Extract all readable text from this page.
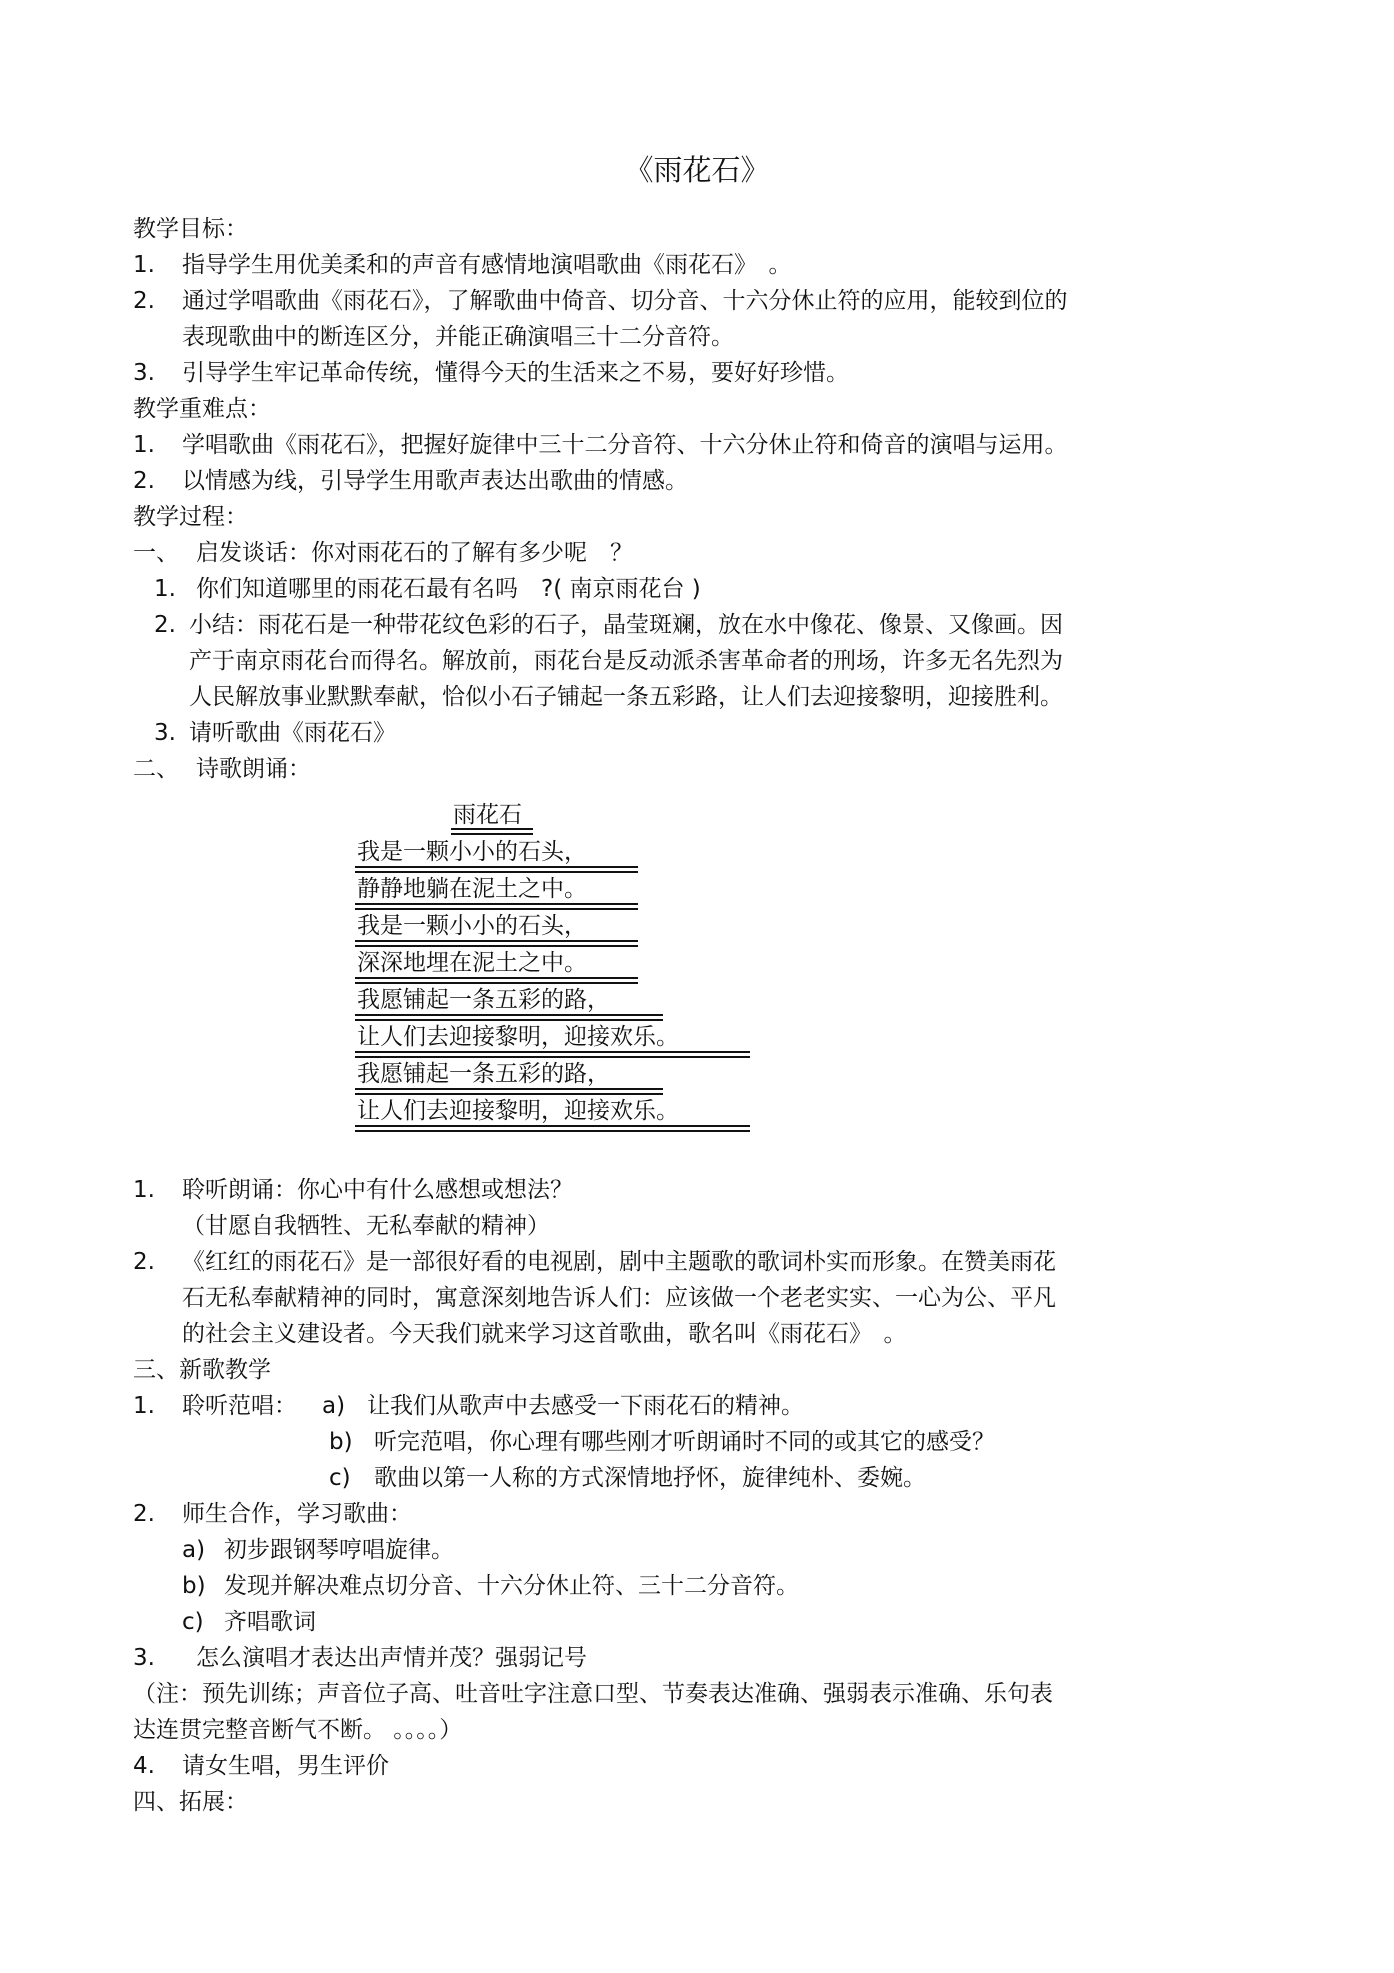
《雨花石》
教学目标：
1. 指导学生用优美柔和的声音有感情地演唱歌曲《雨花石》　。
2. 通过学唱歌曲《雨花石》，了解歌曲中倚音、切分音、十六分休止符的应用，能较到位的
表现歌曲中的断连区分，并能正确演唱三十二分音符。
3. 引导学生牢记革命传统，懂得今天的生活来之不易，要好好珍惜。
教学重难点：
1. 学唱歌曲《雨花石》，把握好旋律中三十二分音符、十六分休止符和倚音的演唱与运用。
2. 以情感为线，引导学生用歌声表达出歌曲的情感。
教学过程：
一、 启发谈话：你对雨花石的了解有多少呢　？
1. 你们知道哪里的雨花石最有名吗　?( 南京雨花台 )
2. 小结：雨花石是一种带花纹色彩的石子，晶莹斑斓，放在水中像花、像景、又像画。因
产于南京雨花台而得名。解放前，雨花台是反动派杀害革命者的刑场，许多无名先烈为
人民解放事业默默奉献，恰似小石子铺起一条五彩路，让人们去迎接黎明，迎接胜利。
3. 请听歌曲《雨花石》
二、 诗歌朗诵：
雨花石
我是一颗小小的石头，
静静地躺在泥土之中。
我是一颗小小的石头，
深深地埋在泥土之中。
我愿铺起一条五彩的路，
让人们去迎接黎明，迎接欢乐。
我愿铺起一条五彩的路，
让人们去迎接黎明，迎接欢乐。
1. 聆听朗诵：你心中有什么感想或想法？
（甘愿自我牺牲、无私奉献的精神）
2. 《红红的雨花石》是一部很好看的电视剧，剧中主题歌的歌词朴实而形象。在赞美雨花
石无私奉献精神的同时，寓意深刻地告诉人们：应该做一个老老实实、一心为公、平凡
的社会主义建设者。今天我们就来学习这首歌曲，歌名叫《雨花石》　。
三、新歌教学
1. 聆听范唱： a) 让我们从歌声中去感受一下雨花石的精神。
b) 听完范唱，你心理有哪些刚才听朗诵时不同的或其它的感受？
c) 歌曲以第一人称的方式深情地抒怀，旋律纯朴、委婉。
2. 师生合作，学习歌曲：
a) 初步跟钢琴哼唱旋律。
b) 发现并解决难点切分音、十六分休止符、三十二分音符。
c) 齐唱歌词
3. 怎么演唱才表达出声情并茂？强弱记号
（注：预先训练；声音位子高、吐音吐字注意口型、节奏表达准确、强弱表示准确、乐句表
达连贯完整音断气不断。 。。。。）
4. 请女生唱，男生评价
四、拓展：
